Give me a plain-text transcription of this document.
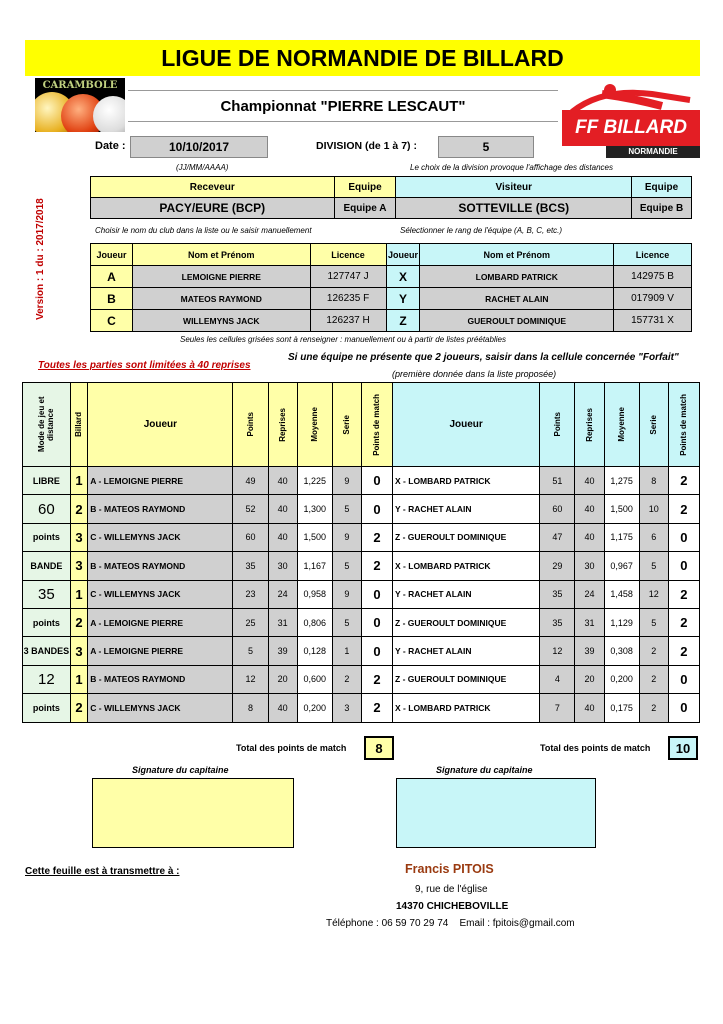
LIGUE DE NORMANDIE DE BILLARD
CARAMBOLE
Championnat "PIERRE LESCAUT"
FF BILLARD
NORMANDIE
Version : 1 du : 2017/2018
Date :	10/10/2017
(JJ/MM/AAAA)
DIVISION (de 1 à 7) :	5
Le choix de la division provoque l'affichage des distances
Receveur	Equipe	Visiteur	Equipe
PACY/EURE (BCP)	Equipe A	SOTTEVILLE (BCS)	Equipe B
Choisir le nom du club dans la liste ou le saisir manuellement	Sélectionner le rang de l'équipe (A, B, C, etc.)
Joueur	Nom et Prénom	Licence	Joueur	Nom et Prénom	Licence
A	LEMOIGNE PIERRE	127747 J	X	LOMBARD PATRICK	142975 B
B	MATEOS RAYMOND	126235 F	Y	RACHET ALAIN	017909 V
C	WILLEMYNS JACK	126237 H	Z	GUEROULT DOMINIQUE	157731 X
Seules les cellules grisées sont à renseigner : manuellement ou à partir de listes préétablies
Toutes les parties sont limitées à 40 reprises
Si une équipe ne présente que 2 joueurs, saisir dans la cellule concernée "Forfait"
(première donnée dans la liste proposée)
Mode de jeu et distance	Billard	Joueur	Points	Reprises	Moyenne	Serie	Points de match	Joueur	Points	Reprises	Moyenne	Serie	Points de match

LIBRE	1	A - LEMOIGNE PIERRE	49	40	1,225	9	0	X - LOMBARD PATRICK	51	40	1,275	8	2
60	2	B - MATEOS RAYMOND	52	40	1,300	5	0	Y - RACHET ALAIN	60	40	1,500	10	2
points	3	C - WILLEMYNS JACK	60	40	1,500	9	2	Z - GUEROULT DOMINIQUE	47	40	1,175	6	0
BANDE	3	B - MATEOS RAYMOND	35	30	1,167	5	2	X - LOMBARD PATRICK	29	30	0,967	5	0
35	1	C - WILLEMYNS JACK	23	24	0,958	9	0	Y - RACHET ALAIN	35	24	1,458	12	2
points	2	A - LEMOIGNE PIERRE	25	31	0,806	5	0	Z - GUEROULT DOMINIQUE	35	31	1,129	5	2
3 BANDES	3	A - LEMOIGNE PIERRE	5	39	0,128	1	0	Y - RACHET ALAIN	12	39	0,308	2	2
12	1	B - MATEOS RAYMOND	12	20	0,600	2	2	Z - GUEROULT DOMINIQUE	4	20	0,200	2	0
points	2	C - WILLEMYNS JACK	8	40	0,200	3	2	X - LOMBARD PATRICK	7	40	0,175	2	0
Total des points de match	8	Total des points de match	10
Signature du capitaine	Signature du capitaine
Cette feuille est à transmettre à :	Francis PITOIS
9, rue de l'église
14370 CHICHEBOVILLE
Téléphone : 06 59 70 29 74    Email : fpitois@gmail.com
